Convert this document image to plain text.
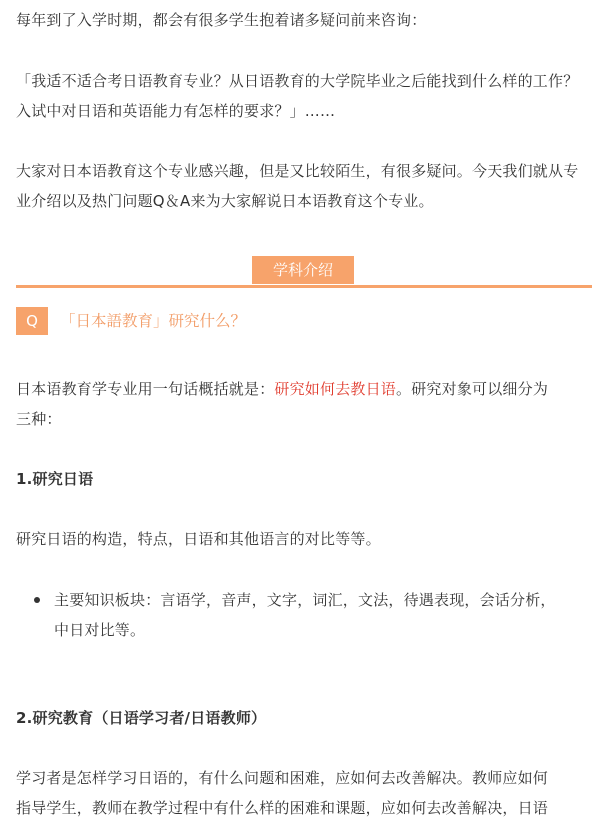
每年到了入学时期，都会有很多学生抱着诸多疑问前来咨询：

「我适不适合考日语教育专业？从日语教育的大学院毕业之后能找到什么样的工作？

入试中对日语和英语能力有怎样的要求？」……

大家对日本语教育这个专业感兴趣，但是又比较陌生，有很多疑问。今天我们就从专

业介绍以及热门问题Q＆A来为大家解说日本语教育这个专业。

学科介绍
Q	「日本語教育」研究什么？

日本语教育学专业用一句话概括就是：研究如何去教日语。研究对象可以细分为

三种：

1.研究日语

研究日语的构造，特点，日语和其他语言的对比等等。

主要知识板块：言语学，音声，文字，词汇，文法，待遇表现，会话分析，

中日对比等。

2.研究教育（日语学习者/日语教师）

学习者是怎样学习日语的，有什么问题和困难，应如何去改善解决。教师应如何

指导学生，教师在教学过程中有什么样的困难和课题，应如何去改善解决，日语
